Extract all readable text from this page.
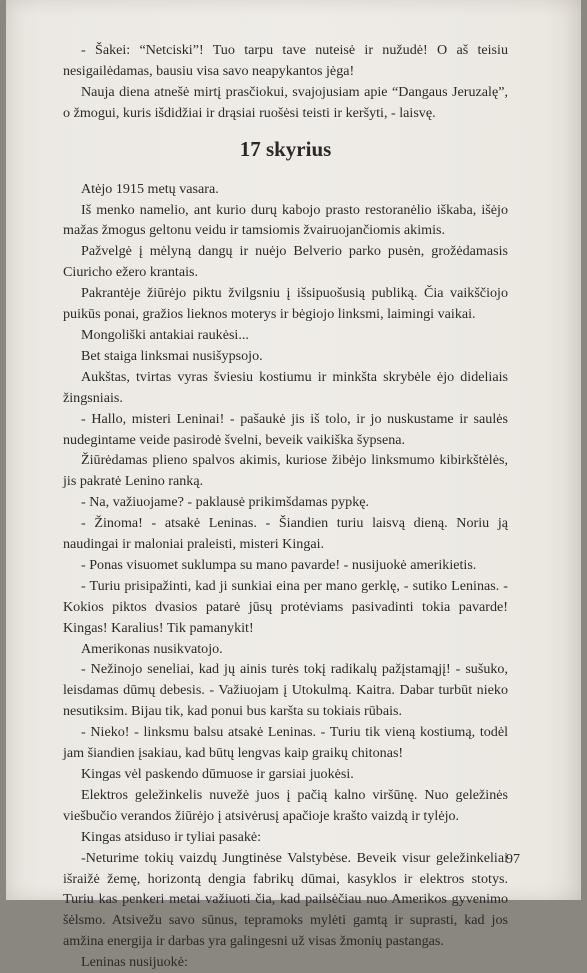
- Šakei: “Netciski”! Tuo tarpu tave nuteisė ir nužudė! O aš teisiu nesigailėdamas, bausiu visa savo neapykantos jėga!

Nauja diena atnešė mirtį prasčiokui, svajojusiam apie “Dangaus Jeruzalę”, o žmogui, kuris išdidžiai ir drąsiai ruošėsi teisti ir keršyti, - laisvę.

17 skyrius

Atėjo 1915 metų vasara.

Iš menko namelio, ant kurio durų kabojo prasto restoranėlio iškaba, išėjo mažas žmogus geltonu veidu ir tamsiomis žvairuojančiomis akimis.

Pažvelgė į mėlyną dangų ir nuėjo Belverio parko pusėn, grožėdamasis Ciuricho ežero krantais.

Pakrantėje žiūrėjo piktu žvilgsniu į išsipuošusią publiką. Čia vaikščiojo puikūs ponai, gražios lieknos moterys ir bėgiojo linksmi, laimingi vaikai.

Mongoliški antakiai raukėsi...

Bet staiga linksmai nusišypsojo.

Aukštas, tvirtas vyras šviesiu kostiumu ir minkšta skrybėle ėjo dideliais žingsniais.

- Hallo, misteri Leninai! - pašaukė jis iš tolo, ir jo nuskustame ir saulės nudegintame veide pasirodė švelni, beveik vaikiška šypsena.

Žiūrėdamas plieno spalvos akimis, kuriose žibėjo linksmumo kibirkštėlės, jis pakratė Lenino ranką.

- Na, važiuojame? - paklausė prikimšdamas pypkę.

- Žinoma! - atsakė Leninas. - Šiandien turiu laisvą dieną. Noriu ją naudingai ir maloniai praleisti, misteri Kingai.

- Ponas visuomet suklumpa su mano pavarde! - nusijuokė amerikietis.

- Turiu prisipažinti, kad ji sunkiai eina per mano gerklę, - sutiko Leninas. - Kokios piktos dvasios patarė jūsų protėviams pasivadinti tokia pavarde! Kingas! Karalius! Tik pamanykit!

Amerikonas nusikvatojo.

- Nežinojo seneliai, kad jų ainis turės tokį radikalų pažįstamąjį! - sušuko, leisdamas dūmų debesis. - Važiuojam į Utokulmą. Kaitra. Dabar turbūt nieko nesutiksim. Bijau tik, kad ponui bus karšta su tokiais rūbais.

- Nieko! - linksmu balsu atsakė Leninas. - Turiu tik vieną kostiumą, todėl jam šiandien įsakiau, kad būtų lengvas kaip graikų chitonas!

Kingas vėl paskendo dūmuose ir garsiai juokėsi.

Elektros geležinkelis nuvežė juos į pačią kalno viršūnę. Nuo geležinės viešbučio verandos žiūrėjo į atsivėrusį apačioje krašto vaizdą ir tylėjo.

Kingas atsiduso ir tyliai pasakė:

-Neturime tokių vaizdų Jungtinėse Valstybėse. Beveik visur geležinkeliai išraižė žemę, horizontą dengia fabrikų dūmai, kasyklos ir elektros stotys. Turiu kas penkeri metai važiuoti čia, kad pailsėčiau nuo Amerikos gyvenimo šėlsmo. Atsivežu savo sūnus, tepramoks mylėti gamtą ir suprasti, kad jos amžina energija ir darbas yra galingesni už visas žmonių pastangas.

Leninas nusijuokė:

97
